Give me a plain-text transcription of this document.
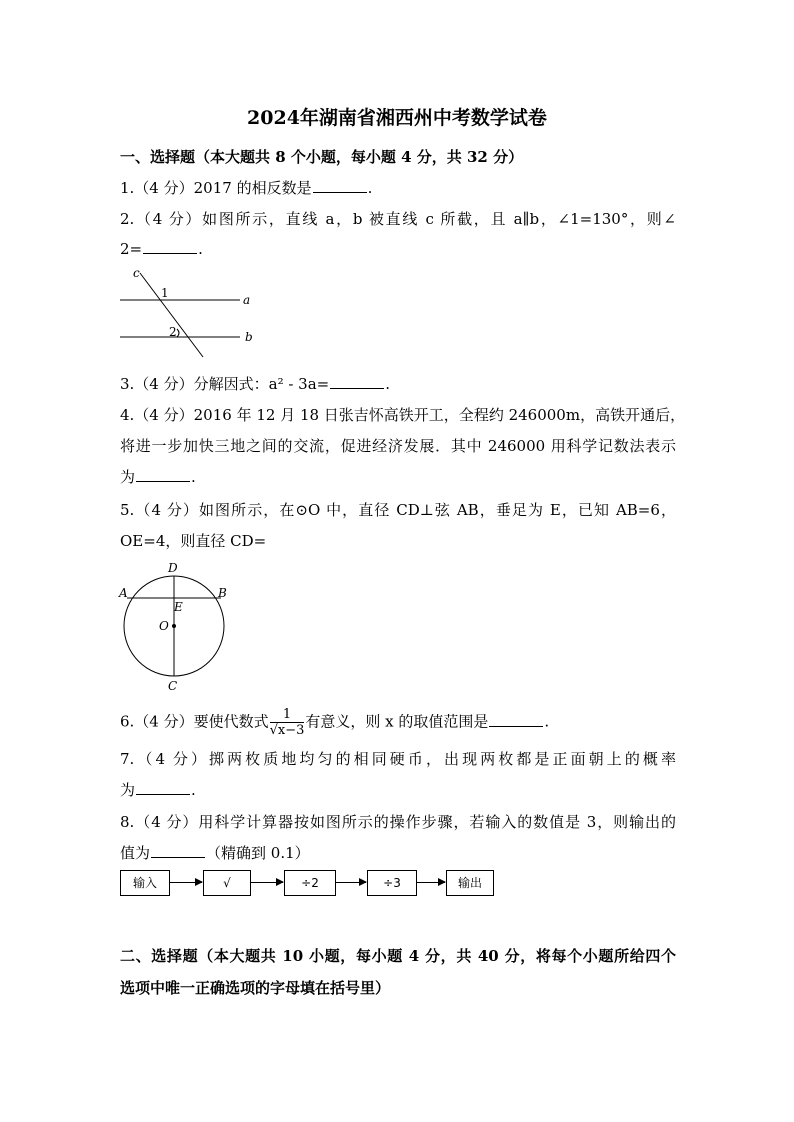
2024年湖南省湘西州中考数学试卷
一、选择题（本大题共 8 个小题，每小题 4 分，共 32 分）
1.（4 分）2017 的相反数是	.
2.（4 分）如图所示，直线 a，b 被直线 c 所截，且 a∥b，∠1=130°，则∠
2=	.
c
1	a
2	b
3.（4 分）分解因式：a² - 3a=	.
4.（4 分）2016 年 12 月 18 日张吉怀高铁开工，全程约 246000m，高铁开通后，
将进一步加快三地之间的交流，促进经济发展．其中 246000 用科学记数法表示
为	.
5.（4 分）如图所示，在⊙O 中，直径 CD⊥弦 AB，垂足为 E，已知 AB=6，
OE=4，则直径 CD=
D
A	B
E
O
C
6.（4 分）要使代数式 $\frac{1}{√x-3}$ 有意义，则 x 的取值范围是	.
7.（4 分）掷两枚质地均匀的相同硬币，出现两枚都是正面朝上的概率
为	.
8.（4 分）用科学计算器按如图所示的操作步骤，若输入的数值是 3，则输出的
值为	（精确到 0.1）
输入	√	÷2	÷3	输出
二、选择题（本大题共 10 小题，每小题 4 分，共 40 分，将每个小题所给四个
选项中唯一正确选项的字母填在括号里）
